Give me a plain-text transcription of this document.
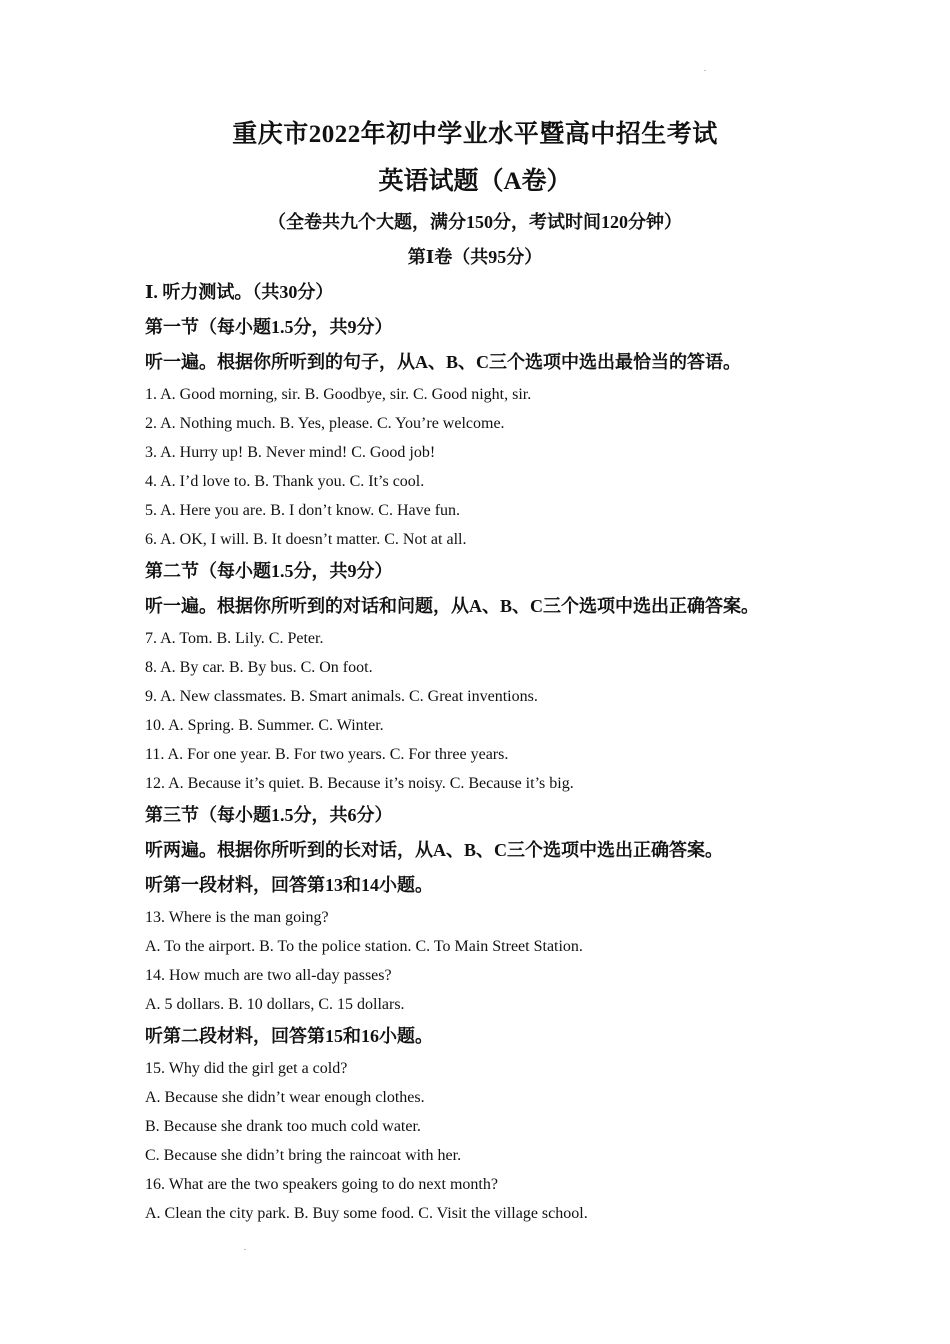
重庆市2022年初中学业水平暨高中招生考试
英语试题（A卷）
（全卷共九个大题，满分150分，考试时间120分钟）
第Ⅰ卷（共95分）
Ⅰ. 听力测试。（共30分）
第一节（每小题1.5分，共9分）
听一遍。根据你所听到的句子，从A、B、C三个选项中选出最恰当的答语。
1. A. Good morning, sir. B. Goodbye, sir. C. Good night, sir.
2. A. Nothing much. B. Yes, please. C. You’re welcome.
3. A. Hurry up! B. Never mind! C. Good job!
4. A. I’d love to. B. Thank you. C. It’s cool.
5. A. Here you are. B. I don’t know. C. Have fun.
6. A. OK, I will. B. It doesn’t matter. C. Not at all.
第二节（每小题1.5分，共9分）
听一遍。根据你所听到的对话和问题，从A、B、C三个选项中选出正确答案。
7. A. Tom. B. Lily. C. Peter.
8. A. By car. B. By bus. C. On foot.
9. A. New classmates. B. Smart animals. C. Great inventions.
10. A. Spring. B. Summer. C. Winter.
11. A. For one year. B. For two years. C. For three years.
12. A. Because it’s quiet. B. Because it’s noisy. C. Because it’s big.
第三节（每小题1.5分，共6分）
听两遍。根据你所听到的长对话，从A、B、C三个选项中选出正确答案。
听第一段材料，回答第13和14小题。
13. Where is the man going?
A. To the airport. B. To the police station. C. To Main Street Station.
14. How much are two all-day passes?
A. 5 dollars. B. 10 dollars, C. 15 dollars.
听第二段材料，回答第15和16小题。
15. Why did the girl get a cold?
A. Because she didn’t wear enough clothes.
B. Because she drank too much cold water.
C. Because she didn’t bring the raincoat with her.
16. What are the two speakers going to do next month?
A. Clean the city park. B. Buy some food. C. Visit the village school.
